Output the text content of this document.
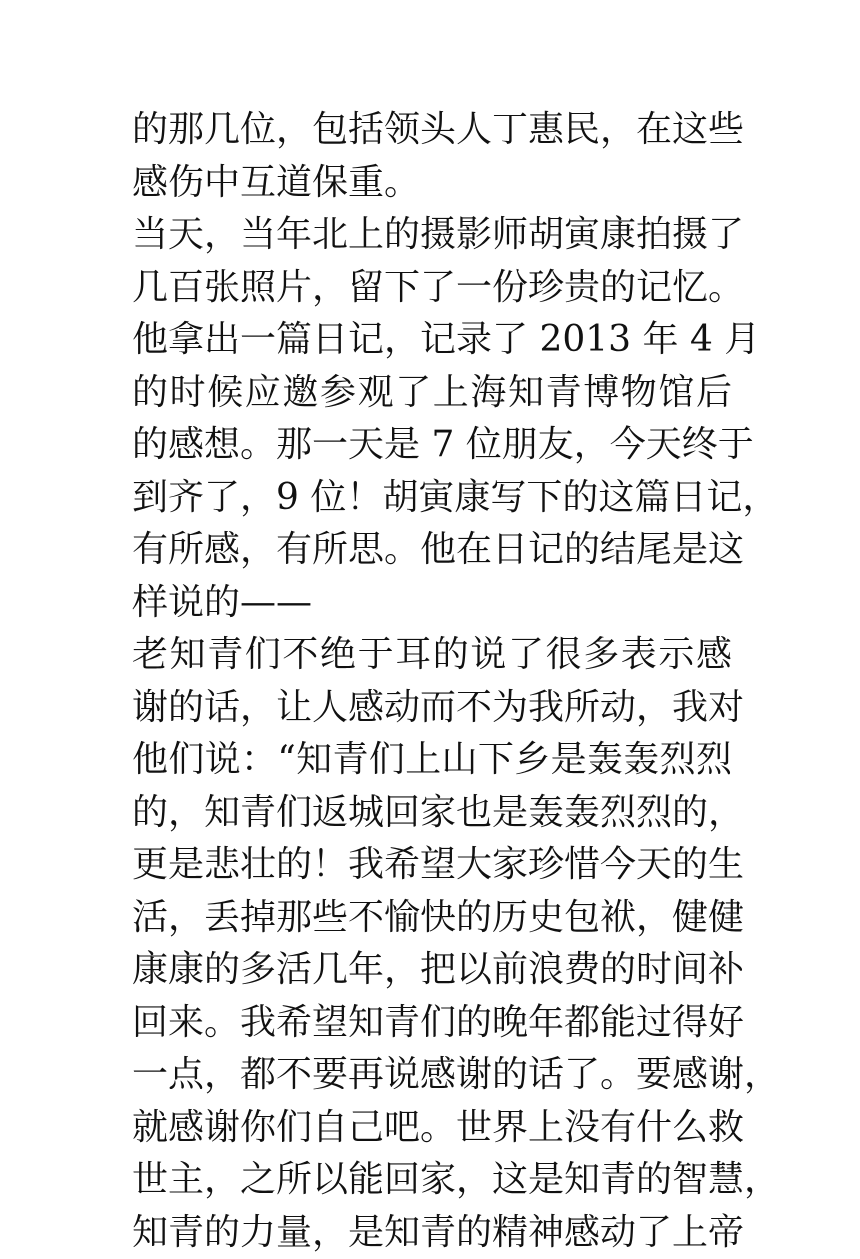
的那几位，包括领头人丁惠民，在这些
感伤中互道保重。
当天，当年北上的摄影师胡寅康拍摄了
几百张照片，留下了一份珍贵的记忆。
他拿出一篇日记，记录了 2013 年 4 月
的时候应邀参观了上海知青博物馆后
的感想。那一天是 7 位朋友，今天终于
到齐了，9 位！胡寅康写下的这篇日记，
有所感，有所思。他在日记的结尾是这
样说的——
老知青们不绝于耳的说了很多表示感
谢的话，让人感动而不为我所动，我对
他们说：“知青们上山下乡是轰轰烈烈
的，知青们返城回家也是轰轰烈烈的，
更是悲壮的！我希望大家珍惜今天的生
活，丢掉那些不愉快的历史包袱，健健
康康的多活几年，把以前浪费的时间补
回来。我希望知青们的晚年都能过得好
一点，都不要再说感谢的话了。要感谢，
就感谢你们自己吧。世界上没有什么救
世主，之所以能回家，这是知青的智慧，
知青的力量，是知青的精神感动了上帝
